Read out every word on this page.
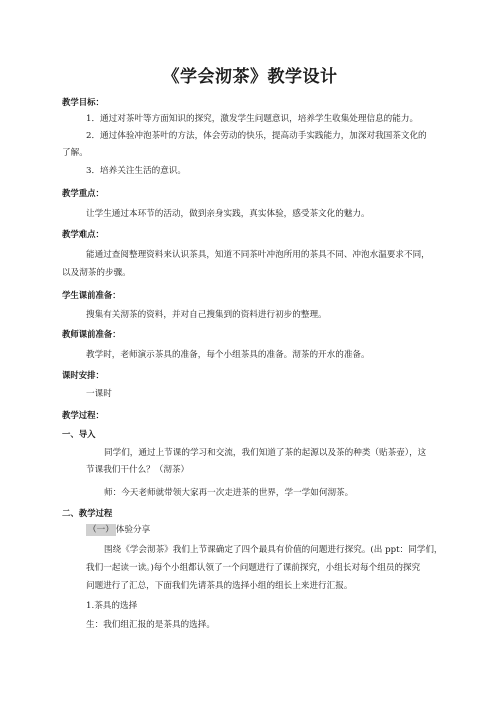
《学会沏茶》教学设计
教学目标：
1．通过对茶叶等方面知识的探究，激发学生问题意识，培养学生收集处理信息的能力。
2．通过体验冲泡茶叶的方法，体会劳动的快乐，提高动手实践能力，加深对我国茶文化的
了解。
3．培养关注生活的意识。
教学重点：
让学生通过本环节的活动，做到亲身实践，真实体验，感受茶文化的魅力。
教学难点：
能通过查阅整理资料来认识茶具，知道不同茶叶冲泡所用的茶具不同、冲泡水温要求不同，
以及沏茶的步骤。
学生课前准备：
搜集有关沏茶的资料，并对自己搜集到的资料进行初步的整理。
教师课前准备：
教学时，老师演示茶具的准备，每个小组茶具的准备。沏茶的开水的准备。
课时安排：
一课时
教学过程：
一、导入
同学们，通过上节课的学习和交流，我们知道了茶的起源以及茶的种类（贴茶壶），这
节课我们干什么？（沏茶）
师：今天老师就带领大家再一次走进茶的世界，学一学如何沏茶。
二、教学过程
（一） 体验分享
围绕《学会沏茶》我们上节课确定了四个最具有价值的问题进行探究。(出 ppt：同学们，
我们一起读一读。)每个小组都认领了一个问题进行了课前探究，小组长对每个组员的探究
问题进行了汇总，下面我们先请茶具的选择小组的组长上来进行汇报。
1.茶具的选择
生：我们组汇报的是茶具的选择。
